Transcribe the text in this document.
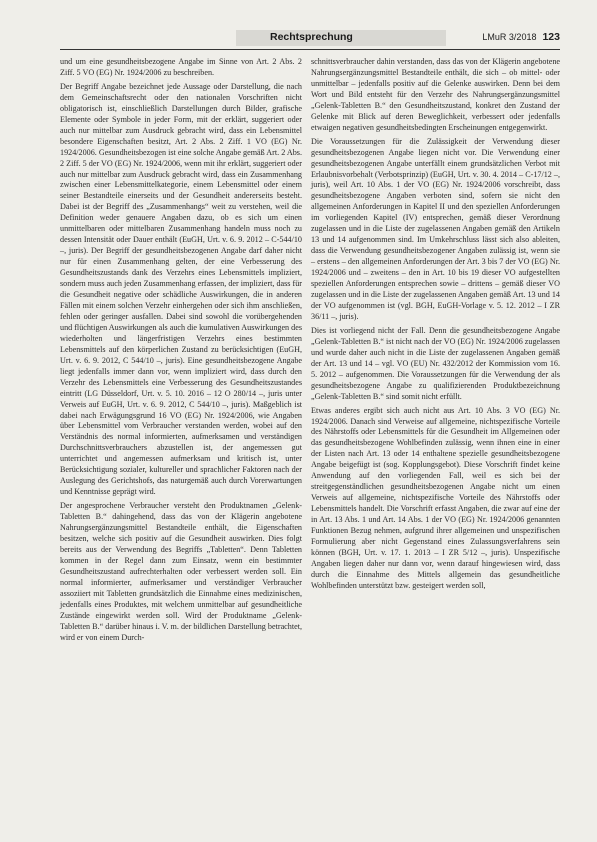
Rechtsprechung	LMuR 3/2018 123

und um eine gesundheitsbezogene Angabe im Sinne von Art. 2 Abs. 2 Ziff. 5 VO (EG) Nr. 1924/2006 zu beschreiben.

Der Begriff Angabe bezeichnet jede Aussage oder Darstellung, die nach dem Gemeinschaftsrecht oder den nationalen Vorschriften nicht obligatorisch ist, einschließlich Darstellungen durch Bilder, grafische Elemente oder Symbole in jeder Form, mit der erklärt, suggeriert oder auch nur mittelbar zum Ausdruck gebracht wird, dass ein Lebensmittel besondere Eigenschaften besitzt, Art. 2 Abs. 2 Ziff. 1 VO (EG) Nr. 1924/2006. Gesundheitsbezogen ist eine solche Angabe gemäß Art. 2 Abs. 2 Ziff. 5 der VO (EG) Nr. 1924/2006, wenn mit ihr erklärt, suggeriert oder auch nur mittelbar zum Ausdruck gebracht wird, dass ein Zusammenhang zwischen einer Lebensmittelkategorie, einem Lebensmittel oder einem seiner Bestandteile einerseits und der Gesundheit andererseits besteht. Dabei ist der Begriff des „Zusammenhangs“ weit zu verstehen, weil die Definition weder genauere Angaben dazu, ob es sich um einen unmittelbaren oder mittelbaren Zusammenhang handeln muss noch zu dessen Intensität oder Dauer enthält (EuGH, Urt. v. 6. 9. 2012 – C-544/10 –, juris). Der Begriff der gesundheitsbezogenen Angabe darf daher nicht nur für einen Zusammenhang gelten, der eine Verbesserung des Gesundheitszustands dank des Verzehrs eines Lebensmittels impliziert, sondern muss auch jeden Zusammenhang erfassen, der impliziert, dass für die Gesundheit negative oder schädliche Auswirkungen, die in anderen Fällen mit einem solchen Verzehr einhergehen oder sich ihm anschließen, fehlen oder geringer ausfallen. Dabei sind sowohl die vorübergehenden und flüchtigen Auswirkungen als auch die kumulativen Auswirkungen des wiederholten und längerfristigen Verzehrs eines bestimmten Lebensmittels auf den körperlichen Zustand zu berücksichtigen (EuGH, Urt. v. 6. 9. 2012, C 544/10 –, juris). Eine gesundheitsbezogene Angabe liegt jedenfalls immer dann vor, wenn impliziert wird, dass durch den Verzehr des Lebensmittels eine Verbesserung des Gesundheitszustandes eintritt (LG Düsseldorf, Urt. v. 5. 10. 2016 – 12 O 280/14 –, juris unter Verweis auf EuGH, Urt. v. 6. 9. 2012, C 544/10 –, juris). Maßgeblich ist dabei nach Erwägungsgrund 16 VO (EG) Nr. 1924/2006, wie Angaben über Lebensmittel vom Verbraucher verstanden werden, wobei auf den Verständnis des normal informierten, aufmerksamen und verständigen Durchschnittsverbrauchers abzustellen ist, der angemessen gut unterrichtet und angemessen aufmerksam und kritisch ist, unter Berücksichtigung sozialer, kultureller und sprachlicher Faktoren nach der Auslegung des Gerichtshofs, das naturgemäß auch durch Vorerwartungen und Kenntnisse geprägt wird.

Der angesprochene Verbraucher versteht den Produktnamen „Gelenk-Tabletten B.“ dahingehend, dass das von der Klägerin angebotene Nahrungsergänzungsmittel Bestandteile enthält, die Eigenschaften besitzen, welche sich positiv auf die Gesundheit auswirken. Dies folgt bereits aus der Verwendung des Begriffs „Tabletten“. Denn Tabletten kommen in der Regel dann zum Einsatz, wenn ein bestimmter Gesundheitszustand aufrechterhalten oder verbessert werden soll. Ein normal informierter, aufmerksamer und verständiger Verbraucher assoziiert mit Tabletten grundsätzlich die Einnahme eines medizinischen, jedenfalls eines Produktes, mit welchem unmittelbar auf gesundheitliche Zustände eingewirkt werden soll. Wird der Produktname „Gelenk-Tabletten B.“ darüber hinaus i. V. m. der bildlichen Darstellung betrachtet, wird er von einem Durch-

schnittsverbraucher dahin verstanden, dass das von der Klägerin angebotene Nahrungsergänzungsmittel Bestandteile enthält, die sich – ob mittel- oder unmittelbar – jedenfalls positiv auf die Gelenke auswirken. Denn bei dem Wort und Bild entsteht für den Verzehr des Nahrungsergänzungsmittel „Gelenk-Tabletten B.“ den Gesundheitszustand, konkret den Zustand der Gelenke mit Blick auf deren Beweglichkeit, verbessert oder jedenfalls etwaigen negativen gesundheitsbedingten Erscheinungen entgegenwirkt.

Die Voraussetzungen für die Zulässigkeit der Verwendung dieser gesundheitsbezogenen Angabe liegen nicht vor. Die Verwendung einer gesundheitsbezogenen Angabe unterfällt einem grundsätzlichen Verbot mit Erlaubnisvorbehalt (Verbotsprinzip) (EuGH, Urt. v. 30. 4. 2014 – C-17/12 –, juris), weil Art. 10 Abs. 1 der VO (EG) Nr. 1924/2006 vorschreibt, dass gesundheitsbezogene Angaben verboten sind, sofern sie nicht den allgemeinen Anforderungen in Kapitel II und den speziellen Anforderungen im vorliegenden Kapitel (IV) entsprechen, gemäß dieser Verordnung zugelassen und in die Liste der zugelassenen Angaben gemäß den Artikeln 13 und 14 aufgenommen sind. Im Umkehrschluss lässt sich also ableiten, dass die Verwendung gesundheitsbezogener Angaben zulässig ist, wenn sie – erstens – den allgemeinen Anforderungen der Art. 3 bis 7 der VO (EG) Nr. 1924/2006 und – zweitens – den in Art. 10 bis 19 dieser VO aufgestellten speziellen Anforderungen entsprechen sowie – drittens – gemäß dieser VO zugelassen und in die Liste der zugelassenen Angaben gemäß Art. 13 und 14 der VO aufgenommen ist (vgl. BGH, EuGH-Vorlage v. 5. 12. 2012 – I ZR 36/11 –, juris).

Dies ist vorliegend nicht der Fall. Denn die gesundheitsbezogene Angabe „Gelenk-Tabletten B.“ ist nicht nach der VO (EG) Nr. 1924/2006 zugelassen und wurde daher auch nicht in die Liste der zugelassenen Angaben gemäß der Art. 13 und 14 – vgl. VO (EU) Nr. 432/2012 der Kommission vom 16. 5. 2012 – aufgenommen. Die Voraussetzungen für die Verwendung der als gesundheitsbezogene Angabe zu qualifizierenden Produktbezeichnung „Gelenk-Tabletten B.“ sind somit nicht erfüllt.

Etwas anderes ergibt sich auch nicht aus Art. 10 Abs. 3 VO (EG) Nr. 1924/2006. Danach sind Verweise auf allgemeine, nichtspezifische Vorteile des Nährstoffs oder Lebensmittels für die Gesundheit im Allgemeinen oder das gesundheitsbezogene Wohlbefinden zulässig, wenn ihnen eine in einer der Listen nach Art. 13 oder 14 enthaltene spezielle gesundheitsbezogene Angabe beigefügt ist (sog. Kopplungsgebot). Diese Vorschrift findet keine Anwendung auf den vorliegenden Fall, weil es sich bei der streitgegenständlichen gesundheitsbezogenen Angabe nicht um einen Verweis auf allgemeine, nichtspezifische Vorteile des Nährstoffs oder Lebensmittels handelt. Die Vorschrift erfasst Angaben, die zwar auf eine der in Art. 13 Abs. 1 und Art. 14 Abs. 1 der VO (EG) Nr. 1924/2006 genannten Funktionen Bezug nehmen, aufgrund ihrer allgemeinen und unspezifischen Formulierung aber nicht Gegenstand eines Zulassungsverfahrens sein können (BGH, Urt. v. 17. 1. 2013 – I ZR 5/12 –, juris). Unspezifische Angaben liegen daher nur dann vor, wenn darauf hingewiesen wird, dass durch die Einnahme des Mittels allgemein das gesundheitliche Wohlbefinden unterstützt bzw. gesteigert werden soll,
